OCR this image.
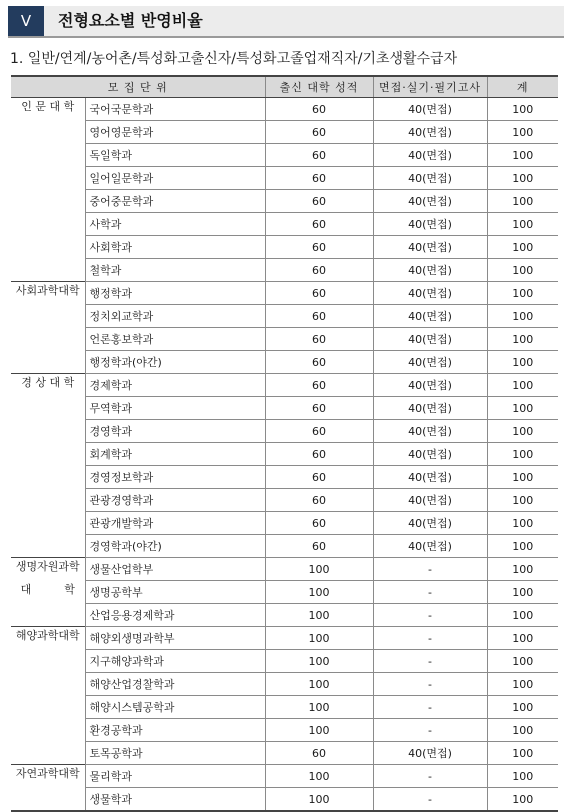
V	전형요소별 반영비율
1. 일반/연계/농어촌/특성화고출신자/특성화고졸업재직자/기초생활수급자
모 집 단 위		출신 대학 성적	면접·실기·필기고사	계
인 문 대 학	국어국문학과	60	40(면접)	100
	영어영문학과	60	40(면접)	100
	독일학과	60	40(면접)	100
	일어일문학과	60	40(면접)	100
	중어중문학과	60	40(면접)	100
	사학과	60	40(면접)	100
	사회학과	60	40(면접)	100
	철학과	60	40(면접)	100
사회과학대학	행정학과	60	40(면접)	100
	정치외교학과	60	40(면접)	100
	언론홍보학과	60	40(면접)	100
	행정학과(야간)	60	40(면접)	100
경 상 대 학	경제학과	60	40(면접)	100
	무역학과	60	40(면접)	100
	경영학과	60	40(면접)	100
	회계학과	60	40(면접)	100
	경영정보학과	60	40(면접)	100
	관광경영학과	60	40(면접)	100
	관광개발학과	60	40(면접)	100
	경영학과(야간)	60	40(면접)	100
생명자원과학	생물산업학부	100	-	100
대　　　학	생명공학부	100	-	100
	산업응용경제학과	100	-	100
해양과학대학	해양외생명과학부	100	-	100
	지구해양과학과	100	-	100
	해양산업경찰학과	100	-	100
	해양시스템공학과	100	-	100
	환경공학과	100	-	100
	토목공학과	60	40(면접)	100
자연과학대학	물리학과	100	-	100
	생물학과	100	-	100
